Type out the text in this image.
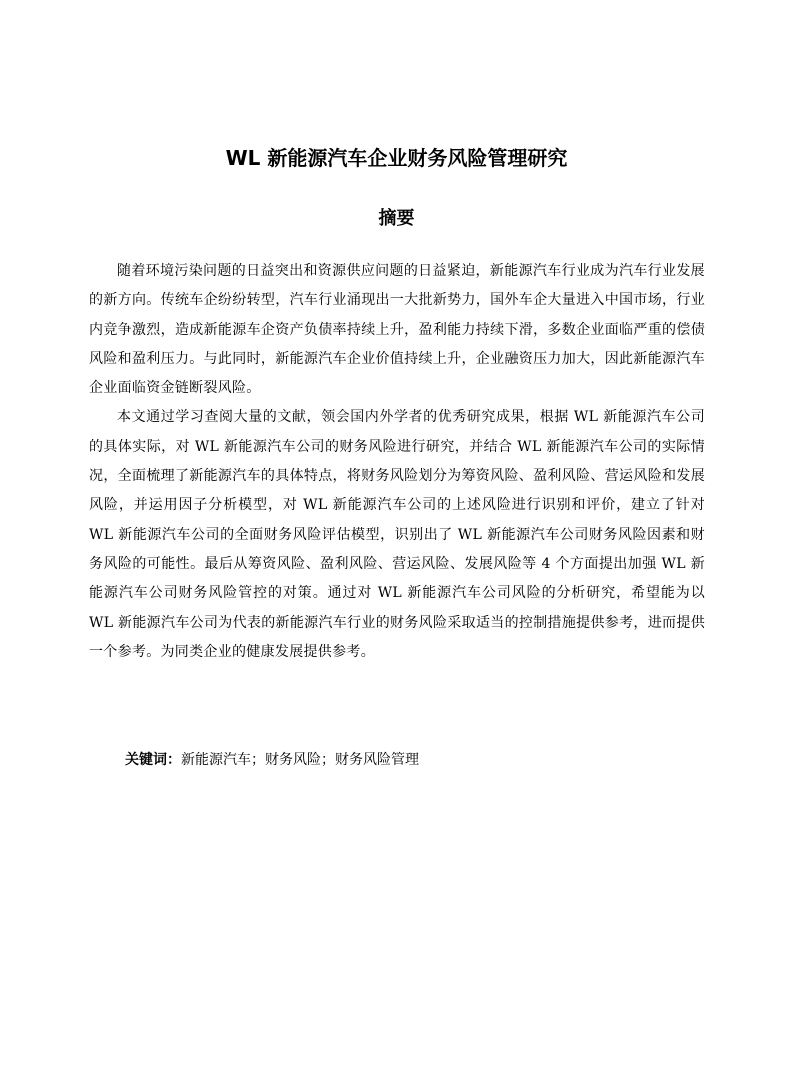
WL 新能源汽车企业财务风险管理研究
摘要

随着环境污染问题的日益突出和资源供应问题的日益紧迫，新能源汽车行业成为汽车行业发展的新方向。传统车企纷纷转型，汽车行业涌现出一大批新势力，国外车企大量进入中国市场，行业内竞争激烈，造成新能源车企资产负债率持续上升，盈利能力持续下滑，多数企业面临严重的偿债风险和盈利压力。与此同时，新能源汽车企业价值持续上升，企业融资压力加大，因此新能源汽车企业面临资金链断裂风险。

本文通过学习查阅大量的文献，领会国内外学者的优秀研究成果，根据 WL 新能源汽车公司的具体实际，对 WL 新能源汽车公司的财务风险进行研究，并结合 WL 新能源汽车公司的实际情况，全面梳理了新能源汽车的具体特点，将财务风险划分为筹资风险、盈利风险、营运风险和发展风险，并运用因子分析模型，对 WL 新能源汽车公司的上述风险进行识别和评价，建立了针对 WL 新能源汽车公司的全面财务风险评估模型，识别出了 WL 新能源汽车公司财务风险因素和财务风险的可能性。最后从筹资风险、盈利风险、营运风险、发展风险等 4 个方面提出加强 WL 新能源汽车公司财务风险管控的对策。通过对 WL 新能源汽车公司风险的分析研究，希望能为以 WL 新能源汽车公司为代表的新能源汽车行业的财务风险采取适当的控制措施提供参考，进而提供一个参考。为同类企业的健康发展提供参考。

关键词：新能源汽车；财务风险；财务风险管理
